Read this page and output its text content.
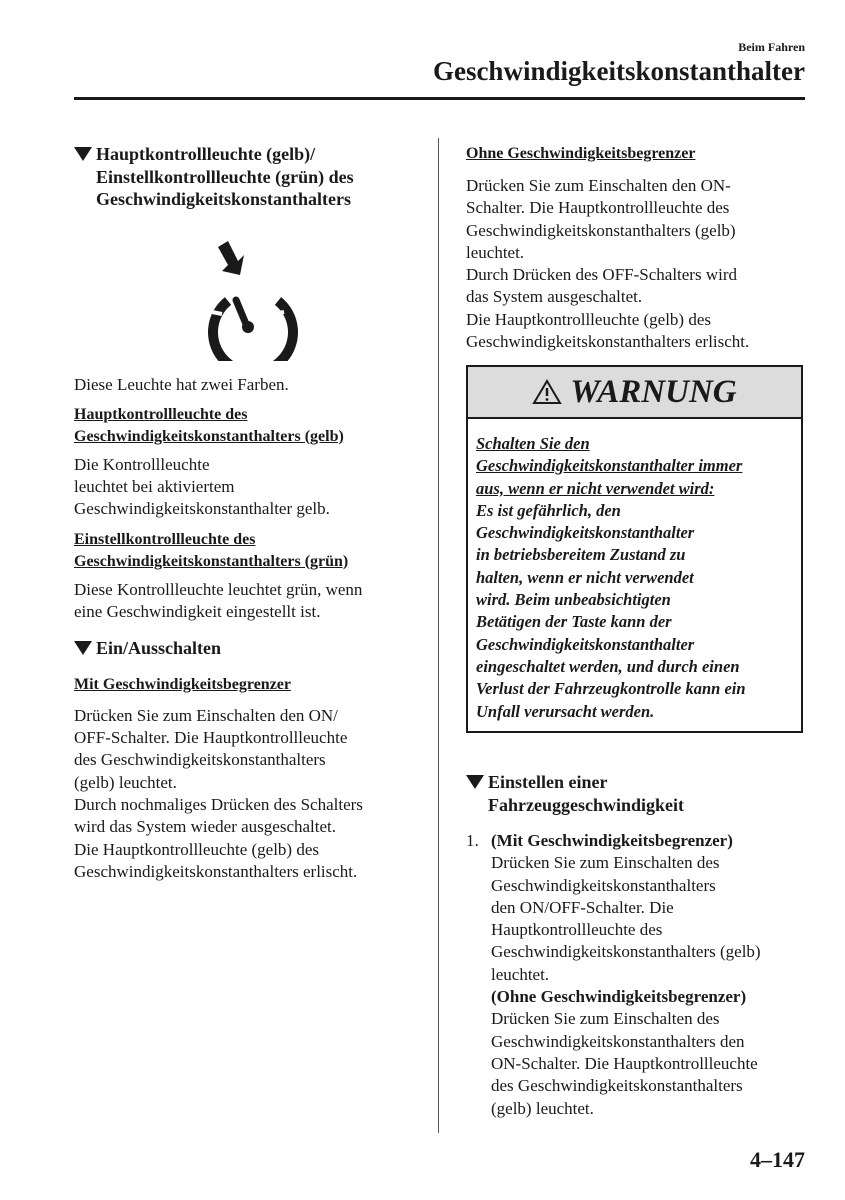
Beim Fahren
Geschwindigkeitskonstanthalter
Hauptkontrollleuchte (gelb)/
Einstellkontrollleuchte (grün) des
Geschwindigkeitskonstanthalters

Diese Leuchte hat zwei Farben.

Hauptkontrollleuchte des
Geschwindigkeitskonstanthalters (gelb)
Die Kontrollleuchte
leuchtet bei aktiviertem
Geschwindigkeitskonstanthalter gelb.
Einstellkontrollleuchte des
Geschwindigkeitskonstanthalters (grün)
Diese Kontrollleuchte leuchtet grün, wenn
eine Geschwindigkeit eingestellt ist.
Ein/Ausschalten
Mit Geschwindigkeitsbegrenzer
Drücken Sie zum Einschalten den ON/
OFF-Schalter. Die Hauptkontrollleuchte
des Geschwindigkeitskonstanthalters
(gelb) leuchtet.
Durch nochmaliges Drücken des Schalters
wird das System wieder ausgeschaltet.
Die Hauptkontrollleuchte (gelb) des
Geschwindigkeitskonstanthalters erlischt.
Ohne Geschwindigkeitsbegrenzer
Drücken Sie zum Einschalten den ON-
Schalter. Die Hauptkontrollleuchte des
Geschwindigkeitskonstanthalters (gelb)
leuchtet.
Durch Drücken des OFF-Schalters wird
das System ausgeschaltet.
Die Hauptkontrollleuchte (gelb) des
Geschwindigkeitskonstanthalters erlischt.
WARNUNG
Schalten Sie den
Geschwindigkeitskonstanthalter immer
aus, wenn er nicht verwendet wird:
Es ist gefährlich, den
Geschwindigkeitskonstanthalter
in betriebsbereitem Zustand zu
halten, wenn er nicht verwendet
wird. Beim unbeabsichtigten
Betätigen der Taste kann der
Geschwindigkeitskonstanthalter
eingeschaltet werden, und durch einen
Verlust der Fahrzeugkontrolle kann ein
Unfall verursacht werden.
Einstellen einer
Fahrzeuggeschwindigkeit
1. (Mit Geschwindigkeitsbegrenzer)
Drücken Sie zum Einschalten des
Geschwindigkeitskonstanthalters
den ON/OFF-Schalter. Die
Hauptkontrollleuchte des
Geschwindigkeitskonstanthalters (gelb)
leuchtet.
(Ohne Geschwindigkeitsbegrenzer)
Drücken Sie zum Einschalten des
Geschwindigkeitskonstanthalters den
ON-Schalter. Die Hauptkontrollleuchte
des Geschwindigkeitskonstanthalters
(gelb) leuchtet.
4–147
